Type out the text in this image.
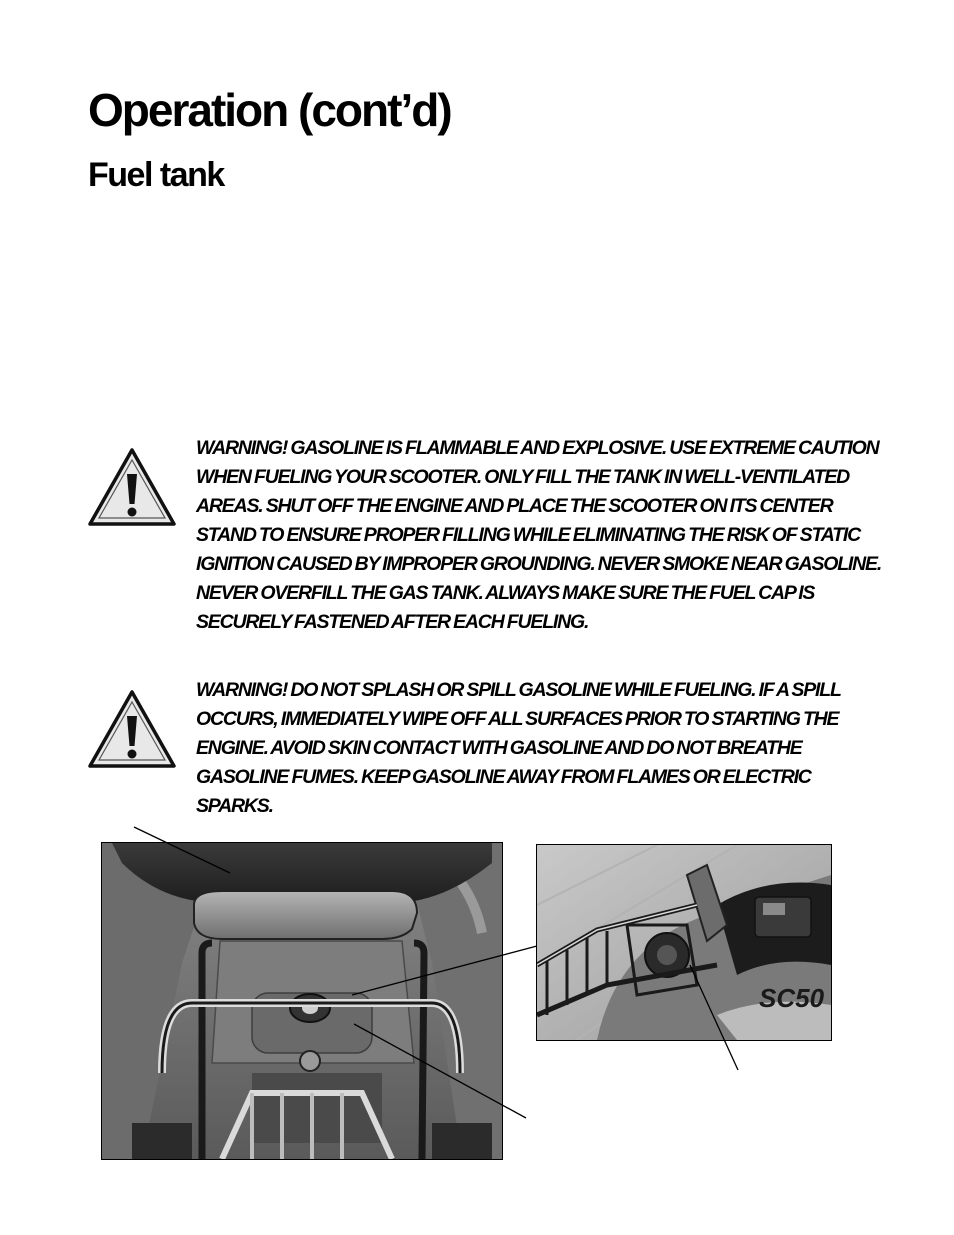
Operation (cont’d)
Fuel tank

WARNING! GASOLINE IS FLAMMABLE AND EXPLOSIVE. USE EXTREME CAUTION WHEN FUELING YOUR SCOOTER. ONLY FILL THE TANK IN WELL-VENTILATED AREAS. SHUT OFF THE ENGINE AND PLACE THE SCOOTER ON ITS CENTER STAND TO ENSURE PROPER FILLING WHILE ELIMINATING THE RISK OF STATIC IGNITION CAUSED BY IMPROPER GROUNDING. NEVER SMOKE NEAR GASOLINE. NEVER OVERFILL THE GAS TANK. ALWAYS MAKE SURE THE FUEL CAP IS SECURELY FASTENED AFTER EACH FUELING.

WARNING! DO NOT SPLASH OR SPILL GASOLINE WHILE FUELING. IF A SPILL OCCURS, IMMEDIATELY WIPE OFF ALL SURFACES PRIOR TO STARTING THE ENGINE. AVOID SKIN CONTACT WITH GASOLINE AND DO NOT BREATHE GASOLINE FUMES. KEEP GASOLINE AWAY FROM FLAMES OR ELECTRIC SPARKS.

SC50
